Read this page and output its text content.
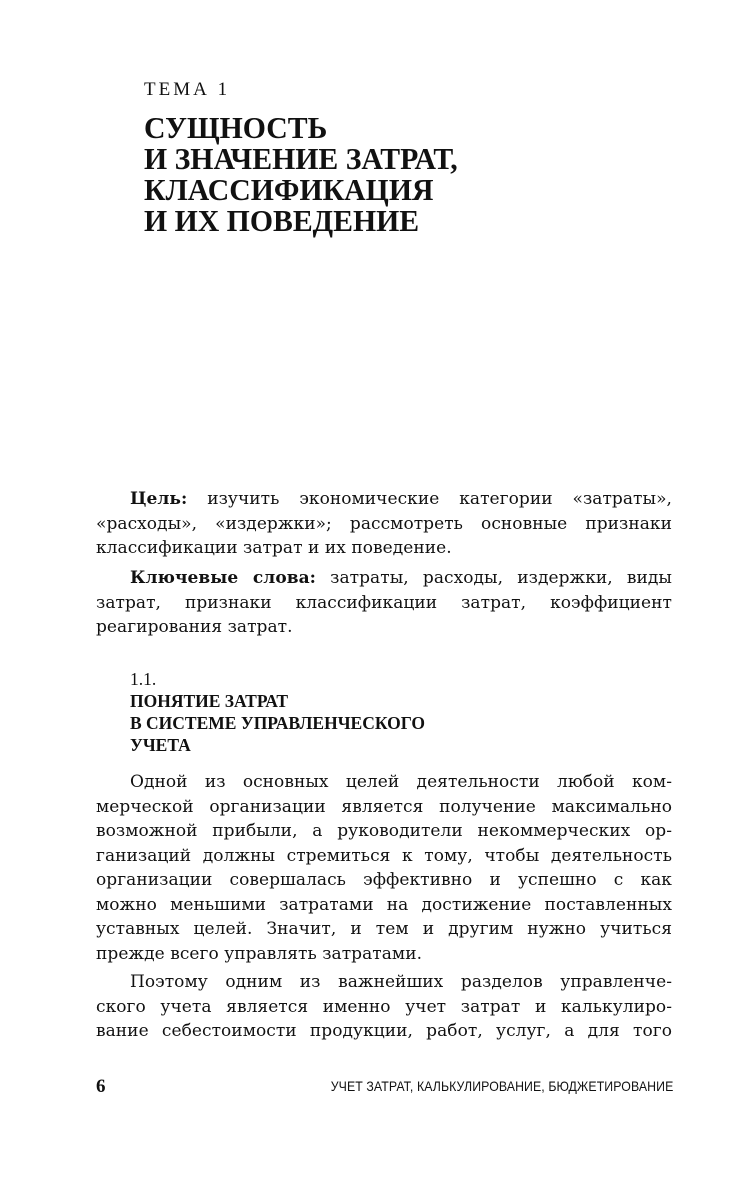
ТЕМА 1
СУЩНОСТЬ
И ЗНАЧЕНИЕ ЗАТРАТ,
КЛАССИФИКАЦИЯ
И ИХ ПОВЕДЕНИЕ

Цель: изучить экономические категории «затраты»,
«расходы», «издержки»; рассмотреть основные признаки
классификации затрат и их поведение.

Ключевые слова: затраты, расходы, издержки, виды
затрат, признаки классификации затрат, коэффициент
реагирования затрат.

1.1.
ПОНЯТИЕ ЗАТРАТ
В СИСТЕМЕ УПРАВЛЕНЧЕСКОГО
УЧЕТА

Одной из основных целей деятельности любой ком-
мерческой организации является получение максимально
возможной прибыли, а руководители некоммерческих ор-
ганизаций должны стремиться к тому, чтобы деятельность
организации совершалась эффективно и успешно с как
можно меньшими затратами на достижение поставленных
уставных целей. Значит, и тем и другим нужно учиться
прежде всего управлять затратами.

Поэтому одним из важнейших разделов управленче-
ского учета является именно учет затрат и калькулиро-
вание себестоимости продукции, работ, услуг, а для того

6	УЧЕТ ЗАТРАТ, КАЛЬКУЛИРОВАНИЕ, БЮДЖЕТИРОВАНИЕ
